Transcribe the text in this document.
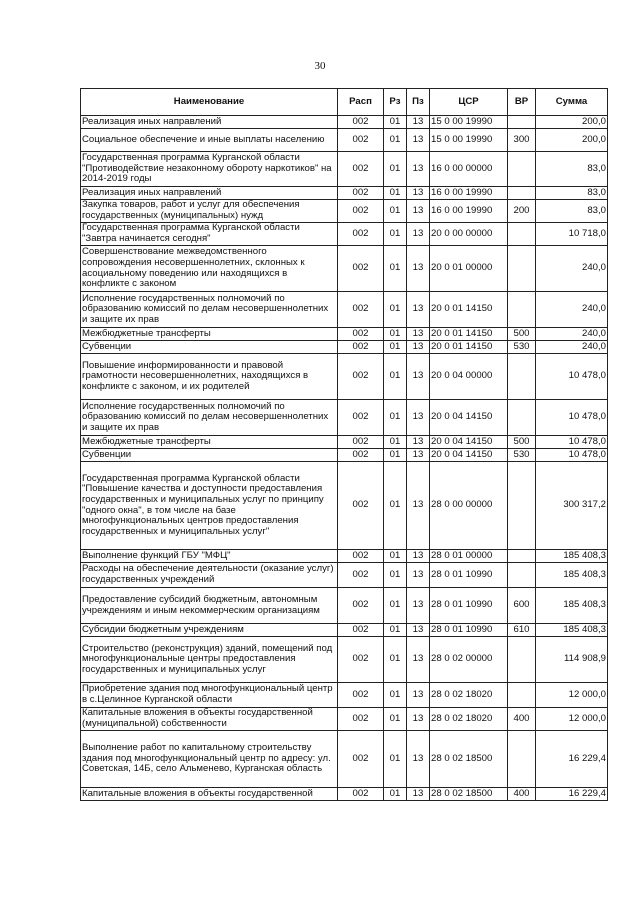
30
Наименование	Расп	Рз	Пз	ЦСР	ВР	Сумма
Реализация иных направлений	002	01	13	15 0 00 19990		200,0
Социальное обеспечение и иные выплаты населению	002	01	13	15 0 00 19990	300	200,0
Государственная программа Курганской области "Противодействие незаконному обороту наркотиков" на 2014-2019 годы	002	01	13	16 0 00 00000		83,0
Реализация иных направлений	002	01	13	16 0 00 19990		83,0
Закупка товаров, работ и услуг для обеспечения государственных (муниципальных) нужд	002	01	13	16 0 00 19990	200	83,0
Государственная программа Курганской области "Завтра начинается сегодня"	002	01	13	20 0 00 00000		10 718,0
Совершенствование межведомственного сопровождения несовершеннолетних, склонных к асоциальному поведению или находящихся в конфликте с законом	002	01	13	20 0 01 00000		240,0
Исполнение государственных полномочий по образованию комиссий по делам несовершеннолетних и защите их прав	002	01	13	20 0 01 14150		240,0
Межбюджетные трансферты	002	01	13	20 0 01 14150	500	240,0
Субвенции	002	01	13	20 0 01 14150	530	240,0
Повышение информированности и правовой грамотности несовершеннолетних, находящихся в конфликте с законом, и их родителей	002	01	13	20 0 04 00000		10 478,0
Исполнение государственных полномочий по образованию комиссий по делам несовершеннолетних и защите их прав	002	01	13	20 0 04 14150		10 478,0
Межбюджетные трансферты	002	01	13	20 0 04 14150	500	10 478,0
Субвенции	002	01	13	20 0 04 14150	530	10 478,0
Государственная программа Курганской области "Повышение качества и доступности предоставления государственных и муниципальных услуг по принципу "одного окна", в том числе на базе многофункциональных центров предоставления государственных и муниципальных услуг"	002	01	13	28 0 00 00000		300 317,2
Выполнение функций ГБУ "МФЦ"	002	01	13	28 0 01 00000		185 408,3
Расходы на обеспечение деятельности (оказание услуг) государственных учреждений	002	01	13	28 0 01 10990		185 408,3
Предоставление субсидий бюджетным, автономным учреждениям и иным некоммерческим организациям	002	01	13	28 0 01 10990	600	185 408,3
Субсидии бюджетным учреждениям	002	01	13	28 0 01 10990	610	185 408,3
Строительство (реконструкция) зданий, помещений под многофункциональные центры предоставления государственных и муниципальных услуг	002	01	13	28 0 02 00000		114 908,9
Приобретение здания под многофункциональный центр в с.Целинное Курганской области	002	01	13	28 0 02 18020		12 000,0
Капитальные вложения в объекты государственной (муниципальной) собственности	002	01	13	28 0 02 18020	400	12 000,0
Выполнение работ по капитальному строительству здания под многофункциональный центр по адресу: ул. Советская, 14Б, село Альменево, Курганская область	002	01	13	28 0 02 18500		16 229,4
Капитальные вложения в объекты государственной	002	01	13	28 0 02 18500	400	16 229,4
